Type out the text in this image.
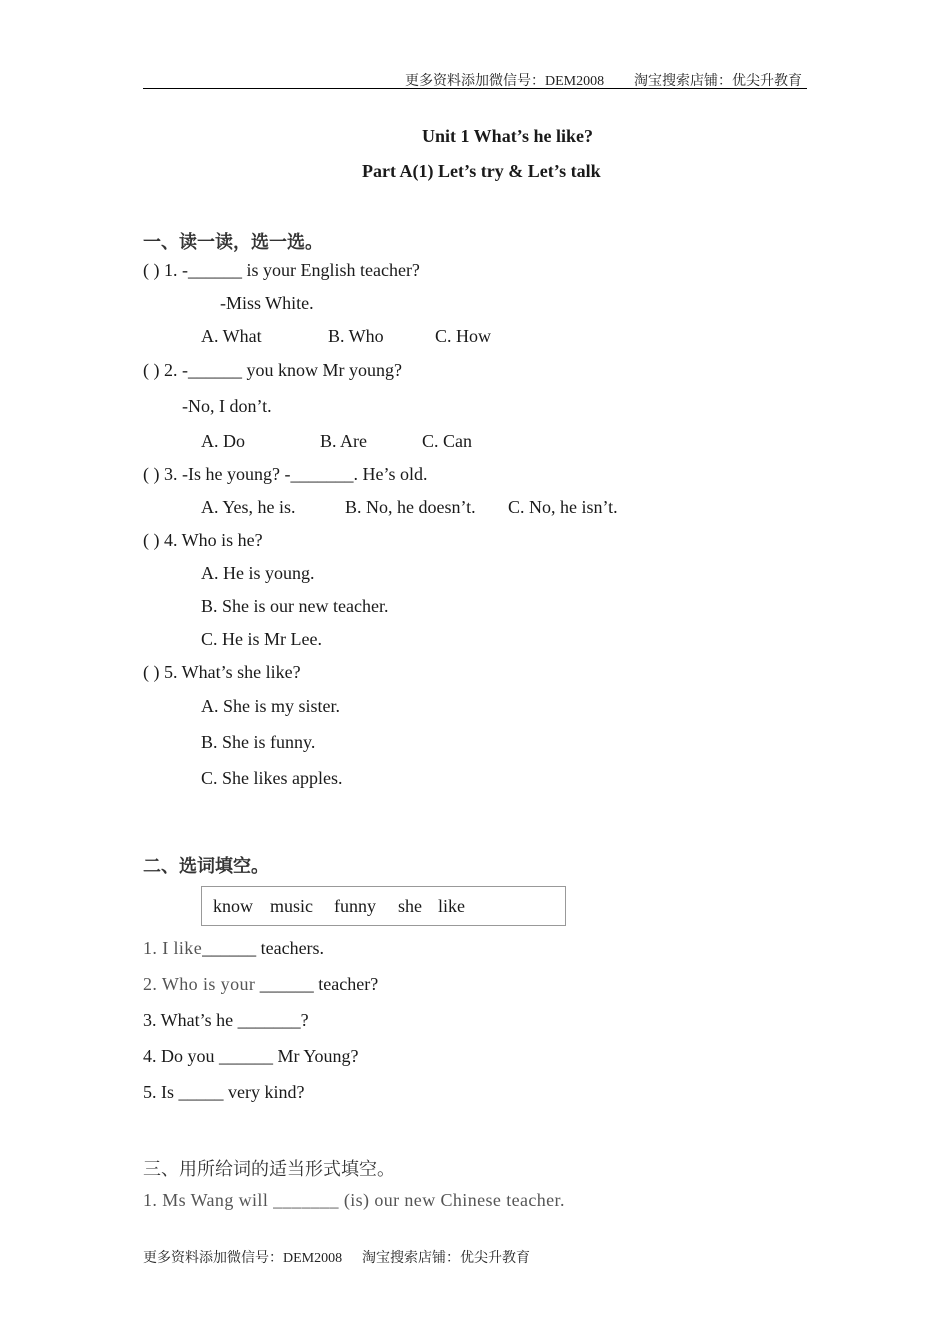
更多资料添加微信号：DEM2008 淘宝搜索店铺：优尖升教育
Unit 1 What’s he like?
Part A(1) Let’s try & Let’s talk
一、读一读，选一选。
( ) 1. -______ is your English teacher?
-Miss White.
A. What	B. Who	C. How
( ) 2. -______ you know Mr young?
-No, I don’t.
A. Do	B. Are	C. Can
( ) 3. -Is he young? -_______. He’s old.
A. Yes, he is.	B. No, he doesn’t. C. No, he isn’t.
( ) 4. Who is he?
A. He is young.
B. She is our new teacher.
C. He is Mr Lee.
( ) 5. What’s she like?
A. She is my sister.
B. She is funny.
C. She likes apples.
二、选词填空。
know music funny she like
1. I like______ teachers.
2. Who is your ______ teacher?
3. What’s he _______?
4. Do you ______ Mr Young?
5. Is _____ very kind?
三、用所给词的适当形式填空。
1. Ms Wang will _______ (is) our new Chinese teacher.
更多资料添加微信号：DEM2008 淘宝搜索店铺：优尖升教育
